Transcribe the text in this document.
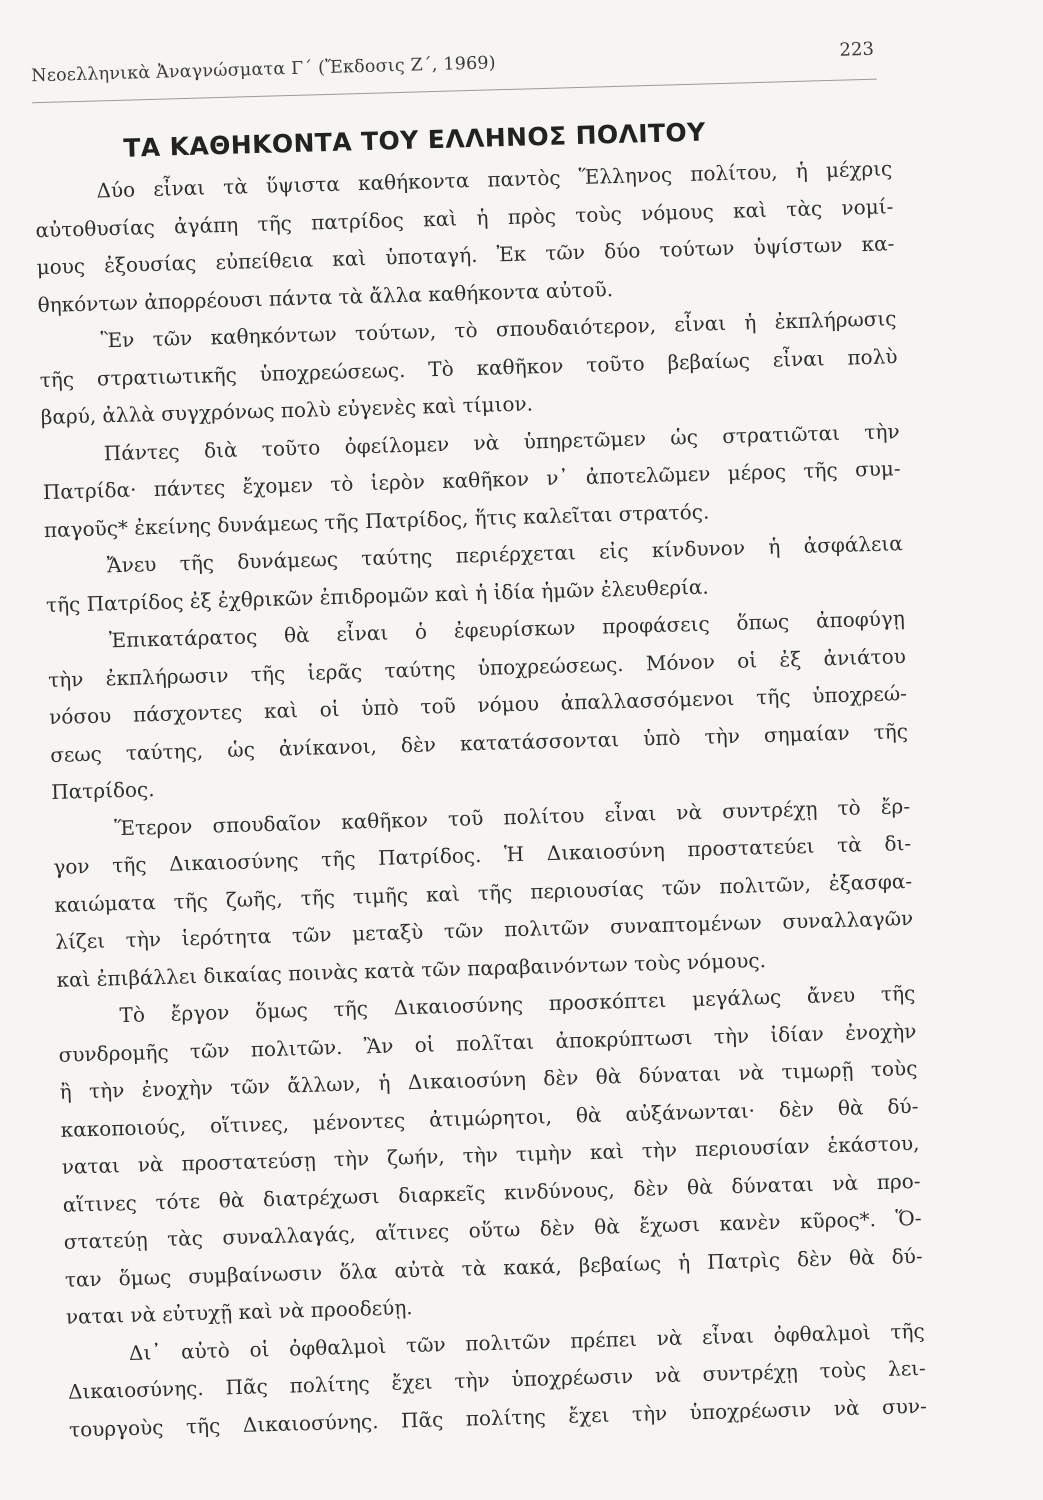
Νεοελληνικὰ Ἀναγνώσματα Γ΄ (Ἔκδοσις Ζ΄, 1969)
223
ΤΑ ΚΑΘΗΚΟΝΤΑ ΤΟΥ ΕΛΛΗΝΟΣ ΠΟΛΙΤΟΥ
Δύο εἶναι τὰ ὕψιστα καθήκοντα παντὸς Ἕλληνος πολίτου, ἡ μέχρις
αὐτοθυσίας ἀγάπη τῆς πατρίδος καὶ ἡ πρὸς τοὺς νόμους καὶ τὰς νομί-
μους ἐξουσίας εὐπείθεια καὶ ὑποταγή. Ἐκ τῶν δύο τούτων ὑψίστων κα-
θηκόντων ἀπορρέουσι πάντα τὰ ἄλλα καθήκοντα αὐτοῦ.
Ἓν τῶν καθηκόντων τούτων, τὸ σπουδαιότερον, εἶναι ἡ ἐκπλήρωσις
τῆς στρατιωτικῆς ὑποχρεώσεως. Τὸ καθῆκον τοῦτο βεβαίως εἶναι πολὺ
βαρύ, ἀλλὰ συγχρόνως πολὺ εὐγενὲς καὶ τίμιον.
Πάντες διὰ τοῦτο ὀφείλομεν νὰ ὑπηρετῶμεν ὡς στρατιῶται τὴν
Πατρίδα· πάντες ἔχομεν τὸ ἱερὸν καθῆκον ν᾿ ἀποτελῶμεν μέρος τῆς συμ-
παγοῦς* ἐκείνης δυνάμεως τῆς Πατρίδος, ἥτις καλεῖται στρατός.
Ἄνευ τῆς δυνάμεως ταύτης περιέρχεται εἰς κίνδυνον ἡ ἀσφάλεια
τῆς Πατρίδος ἐξ ἐχθρικῶν ἐπιδρομῶν καὶ ἡ ἰδία ἡμῶν ἐλευθερία.
Ἐπικατάρατος θὰ εἶναι ὁ ἐφευρίσκων προφάσεις ὅπως ἀποφύγῃ
τὴν ἐκπλήρωσιν τῆς ἱερᾶς ταύτης ὑποχρεώσεως. Μόνον οἱ ἐξ ἀνιάτου
νόσου πάσχοντες καὶ οἱ ὑπὸ τοῦ νόμου ἀπαλλασσόμενοι τῆς ὑποχρεώ-
σεως ταύτης, ὡς ἀνίκανοι, δὲν κατατάσσονται ὑπὸ τὴν σημαίαν τῆς
Πατρίδος.
Ἕτερον σπουδαῖον καθῆκον τοῦ πολίτου εἶναι νὰ συντρέχῃ τὸ ἔρ-
γον τῆς Δικαιοσύνης τῆς Πατρίδος. Ἡ Δικαιοσύνη προστατεύει τὰ δι-
καιώματα τῆς ζωῆς, τῆς τιμῆς καὶ τῆς περιουσίας τῶν πολιτῶν, ἐξασφα-
λίζει τὴν ἱερότητα τῶν μεταξὺ τῶν πολιτῶν συναπτομένων συναλλαγῶν
καὶ ἐπιβάλλει δικαίας ποινὰς κατὰ τῶν παραβαινόντων τοὺς νόμους.
Τὸ ἔργον ὅμως τῆς Δικαιοσύνης προσκόπτει μεγάλως ἄνευ τῆς
συνδρομῆς τῶν πολιτῶν. Ἂν οἱ πολῖται ἀποκρύπτωσι τὴν ἰδίαν ἐνοχὴν
ἢ τὴν ἐνοχὴν τῶν ἄλλων, ἡ Δικαιοσύνη δὲν θὰ δύναται νὰ τιμωρῇ τοὺς
κακοποιούς, οἵτινες, μένοντες ἀτιμώρητοι, θὰ αὐξάνωνται· δὲν θὰ δύ-
ναται νὰ προστατεύσῃ τὴν ζωήν, τὴν τιμὴν καὶ τὴν περιουσίαν ἑκάστου,
αἵτινες τότε θὰ διατρέχωσι διαρκεῖς κινδύνους, δὲν θὰ δύναται νὰ προ-
στατεύῃ τὰς συναλλαγάς, αἵτινες οὕτω δὲν θὰ ἔχωσι κανὲν κῦρος*. Ὅ-
ταν ὅμως συμβαίνωσιν ὅλα αὐτὰ τὰ κακά, βεβαίως ἡ Πατρὶς δὲν θὰ δύ-
ναται νὰ εὐτυχῇ καὶ νὰ προοδεύῃ.
Δι᾿ αὐτὸ οἱ ὀφθαλμοὶ τῶν πολιτῶν πρέπει νὰ εἶναι ὀφθαλμοὶ τῆς
Δικαιοσύνης. Πᾶς πολίτης ἔχει τὴν ὑποχρέωσιν νὰ συντρέχῃ τοὺς λει-
τουργοὺς τῆς Δικαιοσύνης. Πᾶς πολίτης ἔχει τὴν ὑποχρέωσιν νὰ συν-
